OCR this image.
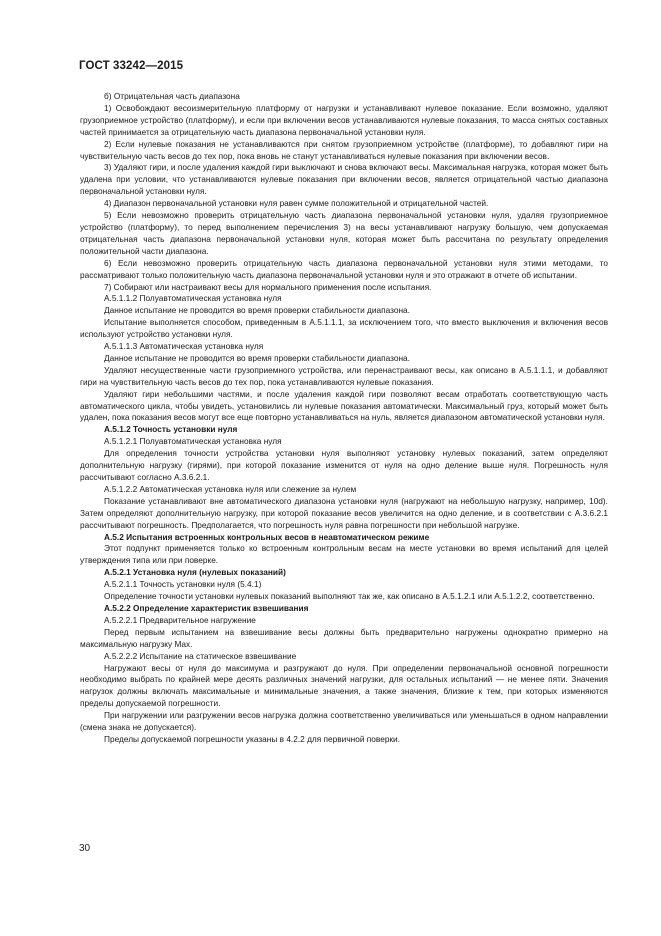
ГОСТ 33242—2015

б) Отрицательная часть диапазона

1) Освобождают весоизмерительную платформу от нагрузки и устанавливают нулевое показание. Если возможно, удаляют грузоприемное устройство (платформу), и если при включении весов устанавливаются нулевые показания, то масса снятых составных частей принимается за отрицательную часть диапазона первоначальной установки нуля.

2) Если нулевые показания не устанавливаются при снятом грузоприемном устройстве (платформе), то добавляют гири на чувствительную часть весов до тех пор, пока вновь не станут устанавливаться нулевые показания при включении весов.

3) Удаляют гири, и после удаления каждой гири выключают и снова включают весы. Максимальная нагрузка, которая может быть удалена при условии, что устанавливаются нулевые показания при включении весов, является отрицательной частью диапазона первоначальной установки нуля.

4) Диапазон первоначальной установки нуля равен сумме положительной и отрицательной частей.

5) Если невозможно проверить отрицательную часть диапазона первоначальной установки нуля, удаляя грузоприемное устройство (платформу), то перед выполнением перечисления 3) на весы устанавливают нагрузку большую, чем допускаемая отрицательная часть диапазона первоначальной установки нуля, которая может быть рассчитана по результату определения положительной части диапазона.

6) Если невозможно проверить отрицательную часть диапазона первоначальной установки нуля этими методами, то рассматривают только положительную часть диапазона первоначальной установки нуля и это отражают в отчете об испытании.

7) Собирают или настраивают весы для нормального применения после испытания.

А.5.1.1.2 Полуавтоматическая установка нуля

Данное испытание не проводится во время проверки стабильности диапазона.

Испытание выполняется способом, приведенным в А.5.1.1.1, за исключением того, что вместо выключения и включения весов используют устройство установки нуля.

А.5.1.1.3 Автоматическая установка нуля

Данное испытание не проводится во время проверки стабильности диапазона.

Удаляют несущественные части грузоприемного устройства, или перенастраивают весы, как описано в А.5.1.1.1, и добавляют гири на чувствительную часть весов до тех пор, пока устанавливаются нулевые показания.

Удаляют гири небольшими частями, и после удаления каждой гири позволяют весам отработать соответствующую часть автоматического цикла, чтобы увидеть, установились ли нулевые показания автоматически. Максимальный груз, который может быть удален, пока показания весов могут все еще повторно устанавливаться на нуль, является диапазоном автоматической установки нуля.

А.5.1.2 Точность установки нуля

А.5.1.2.1 Полуавтоматическая установка нуля

Для определения точности устройства установки нуля выполняют установку нулевых показаний, затем определяют дополнительную нагрузку (гирями), при которой показание изменится от нуля на одно деление выше нуля. Погрешность нуля рассчитывают согласно А.3.6.2.1.

А.5.1.2.2 Автоматическая установка нуля или слежение за нулем

Показание устанавливают вне автоматического диапазона установки нуля (нагружают на небольшую нагрузку, например, 10d). Затем определяют дополнительную нагрузку, при которой показание весов увеличится на одно деление, и в соответствии с А.3.6.2.1 рассчитывают погрешность. Предполагается, что погрешность нуля равна погрешности при небольшой нагрузке.

А.5.2 Испытания встроенных контрольных весов в неавтоматическом режиме

Этот подпункт применяется только ко встроенным контрольным весам на месте установки во время испытаний для целей утверждения типа или при поверке.

А.5.2.1 Установка нуля (нулевых показаний)

А.5.2.1.1 Точность установки нуля (5.4.1)

Определение точности установки нулевых показаний выполняют так же, как описано в А.5.1.2.1 или А.5.1.2.2, соответственно.

А.5.2.2 Определение характеристик взвешивания

А.5.2.2.1 Предварительное нагружение

Перед первым испытанием на взвешивание весы должны быть предварительно нагружены однократно примерно на максимальную нагрузку Max.

А.5.2.2.2 Испытание на статическое взвешивание

Нагружают весы от нуля до максимума и разгружают до нуля. При определении первоначальной основной погрешности необходимо выбрать по крайней мере десять различных значений нагрузки, для остальных испытаний — не менее пяти. Значения нагрузок должны включать максимальные и минимальные значения, а также значения, близкие к тем, при которых изменяются пределы допускаемой погрешности.

При нагружении или разгружении весов нагрузка должна соответственно увеличиваться или уменьшаться в одном направлении (смена знака не допускается).

Пределы допускаемой погрешности указаны в 4.2.2 для первичной поверки.

30
